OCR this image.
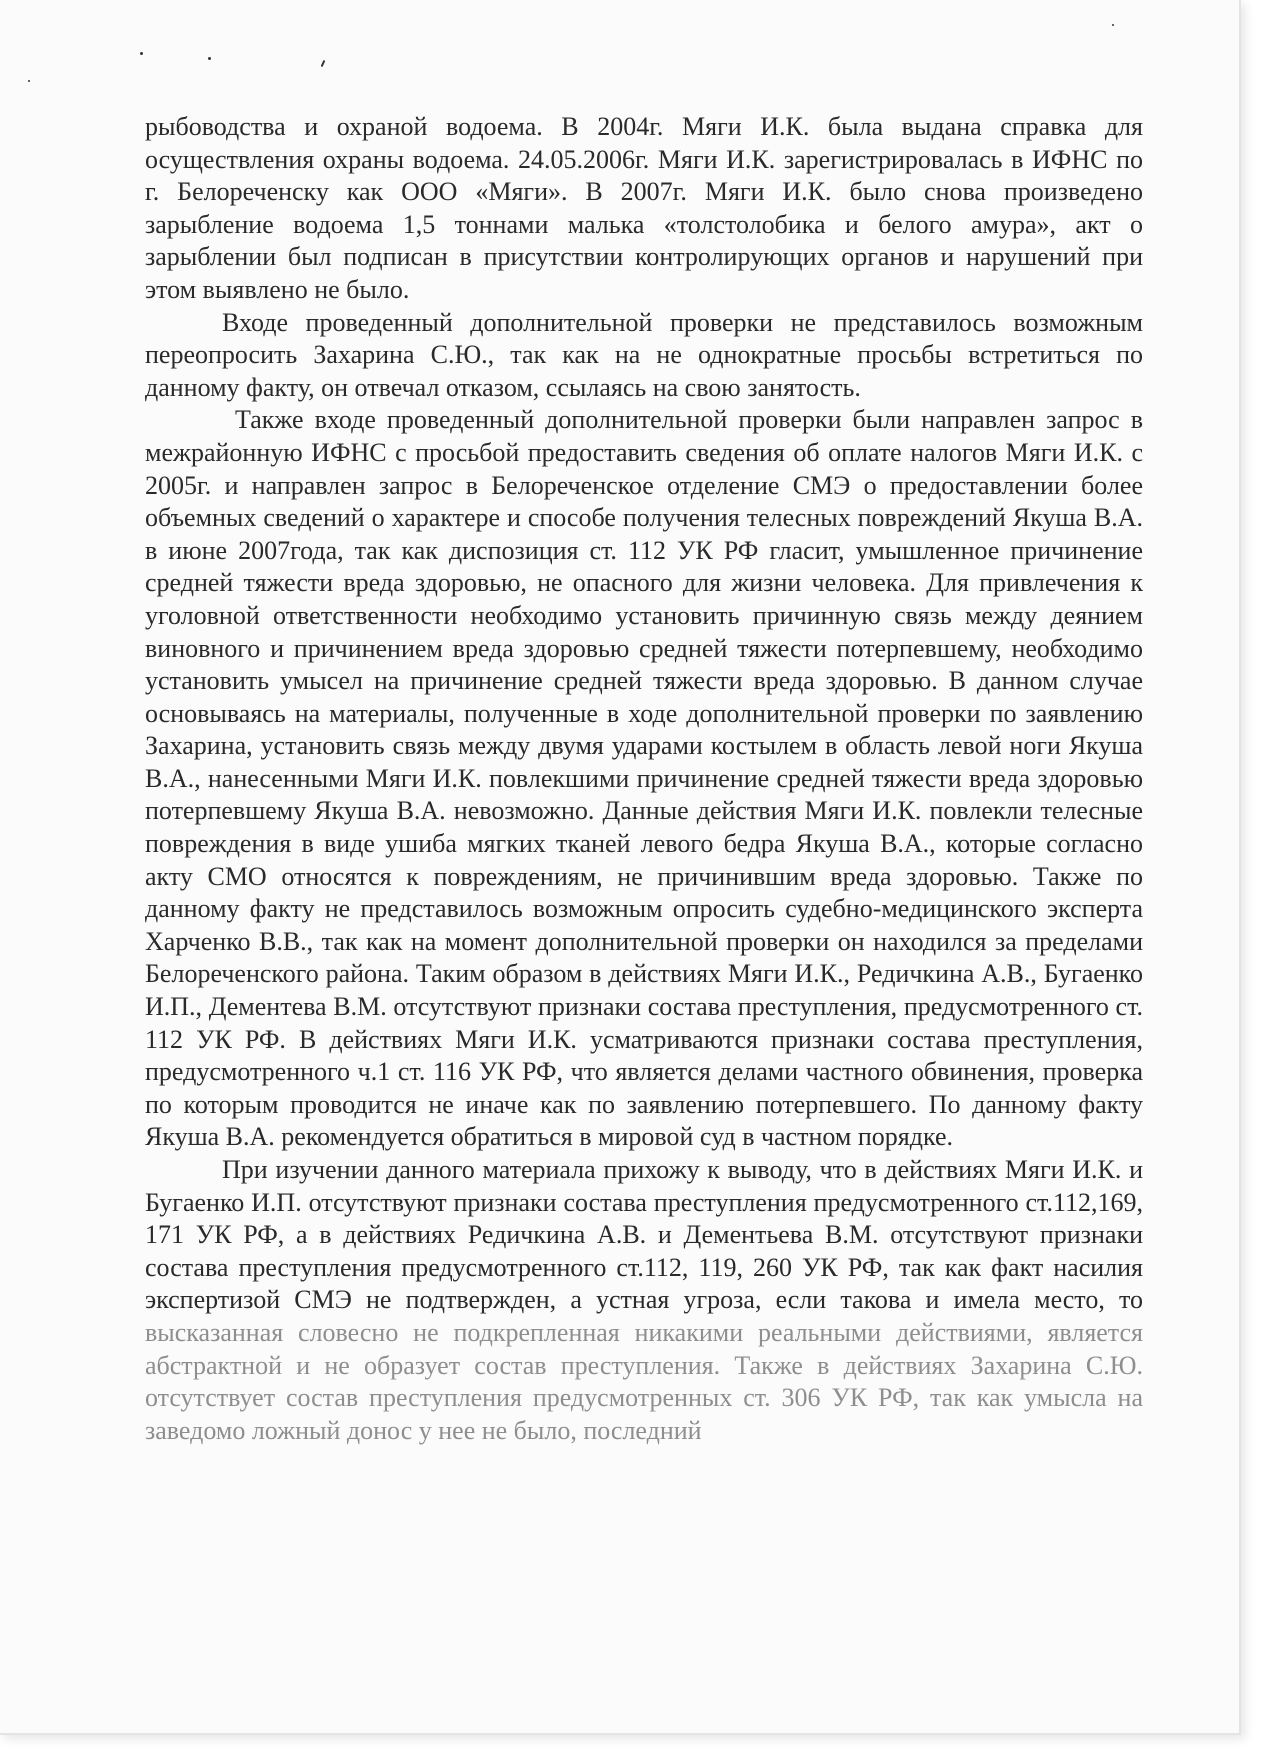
рыбоводства и охраной водоема. В 2004г. Мяги И.К. была выдана справка для осуществления охраны водоема. 24.05.2006г. Мяги И.К. зарегистрировалась в ИФНС по г. Белореченску как ООО «Мяги». В 2007г. Мяги И.К. было снова произведено зарыбление водоема 1,5 тоннами малька «толстолобика и белого амура», акт о зарыблении был подписан в присутствии контролирующих органов и нарушений при этом выявлено не было.

Входе проведенный дополнительной проверки не представилось возможным переопросить Захарина С.Ю., так как на не однократные просьбы встретиться по данному факту, он отвечал отказом, ссылаясь на свою занятость.

Также входе проведенный дополнительной проверки были направлен запрос в межрайонную ИФНС с просьбой предоставить сведения об оплате налогов Мяги И.К. с 2005г. и направлен запрос в Белореченское отделение СМЭ о предоставлении более объемных сведений о характере и способе получения телесных повреждений Якуша В.А. в июне 2007года, так как диспозиция ст. 112 УК РФ гласит, умышленное причинение средней тяжести вреда здоровью, не опасного для жизни человека. Для привлечения к уголовной ответственности необходимо установить причинную связь между деянием виновного и причинением вреда здоровью средней тяжести потерпевшему, необходимо установить умысел на причинение средней тяжести вреда здоровью. В данном случае основываясь на материалы, полученные в ходе дополнительной проверки по заявлению Захарина, установить связь между двумя ударами костылем в область левой ноги Якуша В.А., нанесенными Мяги И.К. повлекшими причинение средней тяжести вреда здоровью потерпевшему Якуша В.А. невозможно. Данные действия Мяги И.К. повлекли телесные повреждения в виде ушиба мягких тканей левого бедра Якуша В.А., которые согласно акту СМО относятся к повреждениям, не причинившим вреда здоровью. Также по данному факту не представилось возможным опросить судебно-медицинского эксперта Харченко В.В., так как на момент дополнительной проверки он находился за пределами Белореченского района. Таким образом в действиях Мяги И.К., Редичкина А.В., Бугаенко И.П., Дементева В.М. отсутствуют признаки состава преступления, предусмотренного ст. 112 УК РФ. В действиях Мяги И.К. усматриваются признаки состава преступления, предусмотренного ч.1 ст. 116 УК РФ, что является делами частного обвинения, проверка по которым проводится не иначе как по заявлению потерпевшего. По данному факту Якуша В.А. рекомендуется обратиться в мировой суд в частном порядке.

При изучении данного материала прихожу к выводу, что в действиях Мяги И.К. и Бугаенко И.П. отсутствуют признаки состава преступления предусмотренного ст.112,169, 171 УК РФ, а в действиях Редичкина А.В. и Дементьева В.М. отсутствуют признаки состава преступления предусмотренного ст.112, 119, 260 УК РФ, так как факт насилия экспертизой СМЭ не подтвержден, а устная угроза, если такова и имела место, то высказанная словесно не подкрепленная никакими реальными действиями, является абстрактной и не образует состав преступления. Также в действиях Захарина С.Ю. отсутствует состав преступления предусмотренных ст. 306 УК РФ, так как умысла на заведомо ложный донос у нее не было, последний
